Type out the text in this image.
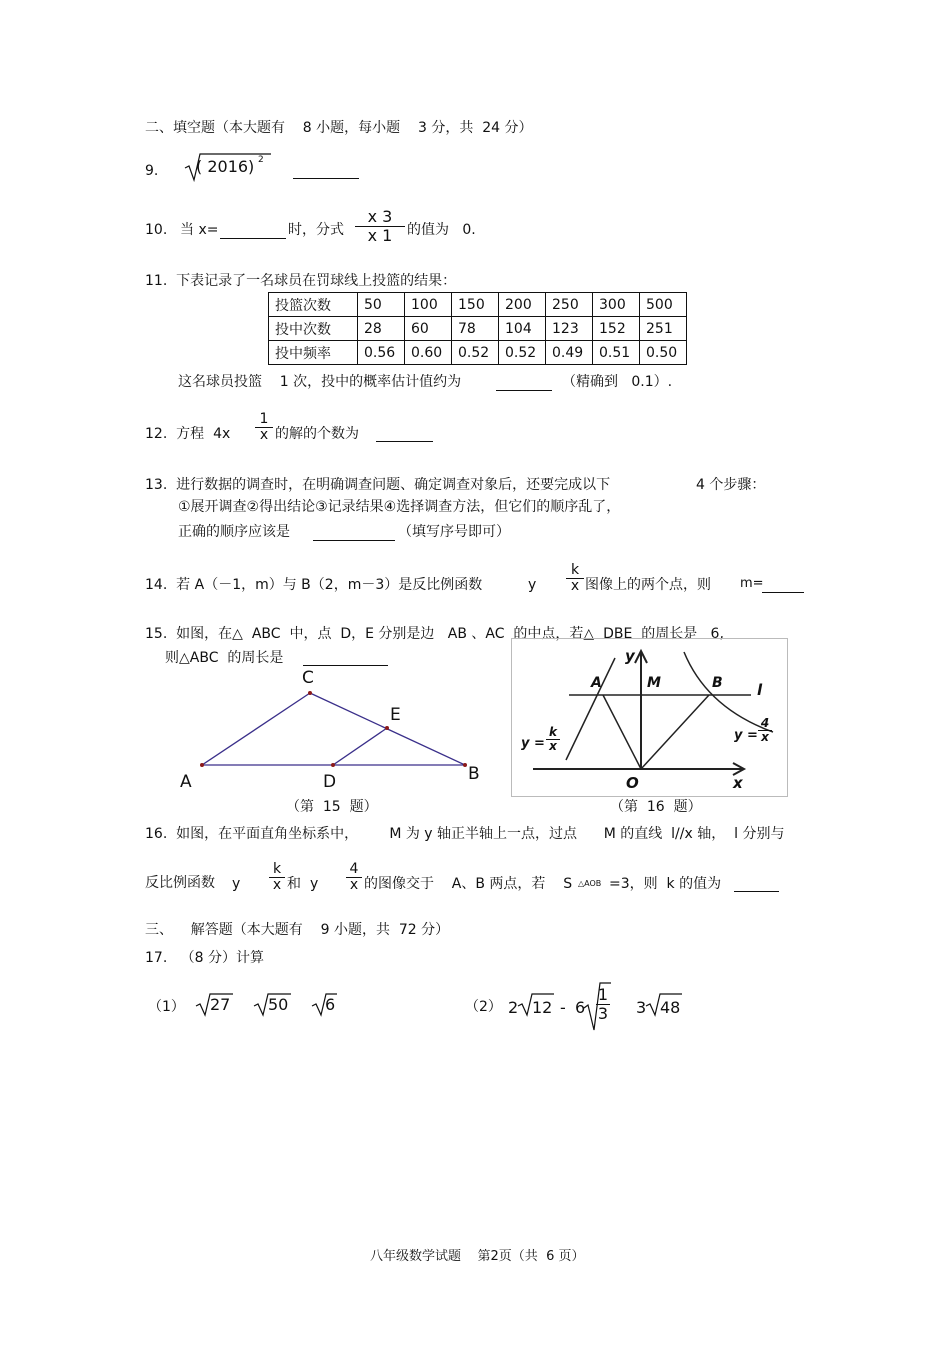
二、填空题（本大题有    8 小题，每小题    3 分，共  24 分）
9. ( 2016) 2
10. 当 x=	时，分式
x 3
x 1	的值为   0.
11.  下表记录了一名球员在罚球线上投篮的结果：
投篮次数	50	100	150	200	250	300	500
投中次数	28	60	78	104	123	152	251
投中频率	0.56	0.60	0.52	0.52	0.49	0.51	0.50
这名球员投篮    1 次，投中的概率估计值约为	（精确到   0.1）.
12.  方程  4x
1
x 的解的个数为
13.  进行数据的调查时，在明确调查问题、确定调查对象后，还要完成以下	4 个步骤：
①展开调查②得出结论③记录结果④选择调查方法，但它们的顺序乱了，
正确的顺序应该是	（填写序号即可）
14.  若 A（－1，m）与 B（2，m－3）是反比例函数	y
k
x 图像上的两个点，则 m=
15.  如图，在△  ABC  中，点  D，E 分别是边   AB 、AC  的中点，若△  DBE  的周长是   6,
则△ABC  的周长是
A
C
B
D
E
（第  15  题）
y
x
O
A	B
M	l
y =
k
x
y =
4
x
（第  16  题）
16.  如图，在平面直角坐标系中，       M 为 y 轴正半轴上一点，过点      M 的直线  l//x 轴，  l 分别与
反比例函数 y
k
x 和 y
4
x 的图像交于    A、B 两点，若    S △AOB =3，则  k 的值为
三、    解答题（本大题有    9 小题，共  72 分）
17.   （8 分）计算
（1） 27 50 6	（2） 2 12 - 6
1
3 3 48
八年级数学试题    第2页（共  6 页）
